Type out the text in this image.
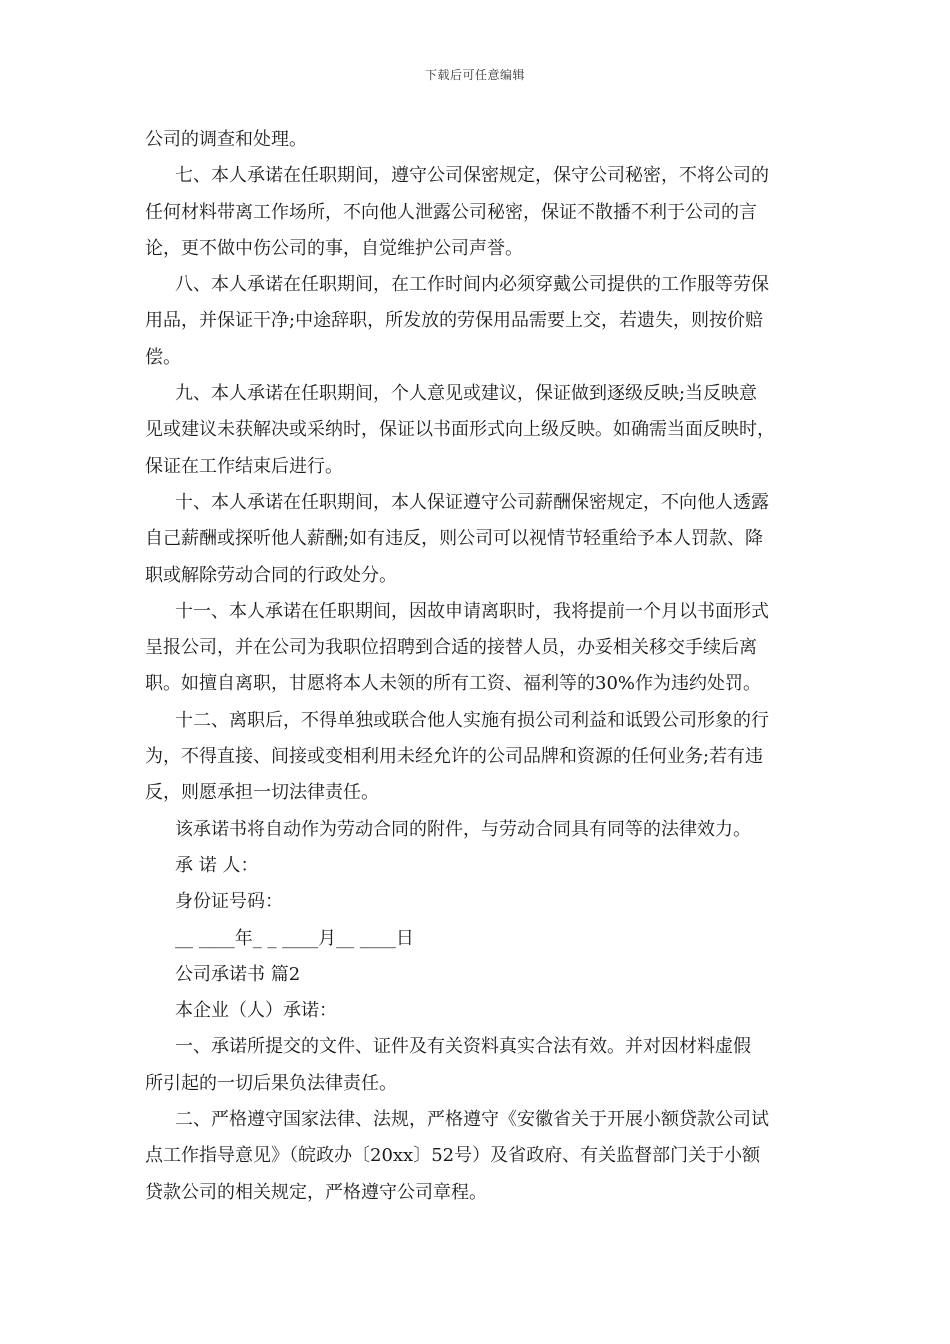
下载后可任意编辑

公司的调查和处理。

七、本人承诺在任职期间，遵守公司保密规定，保守公司秘密，不将公司的
任何材料带离工作场所，不向他人泄露公司秘密，保证不散播不利于公司的言
论，更不做中伤公司的事，自觉维护公司声誉。

八、本人承诺在任职期间，在工作时间内必须穿戴公司提供的工作服等劳保
用品，并保证干净;中途辞职，所发放的劳保用品需要上交，若遗失，则按价赔
偿。

九、本人承诺在任职期间，个人意见或建议，保证做到逐级反映;当反映意
见或建议未获解决或采纳时，保证以书面形式向上级反映。如确需当面反映时，
保证在工作结束后进行。

十、本人承诺在任职期间，本人保证遵守公司薪酬保密规定，不向他人透露
自己薪酬或探听他人薪酬;如有违反，则公司可以视情节轻重给予本人罚款、降
职或解除劳动合同的行政处分。

十一、本人承诺在任职期间，因故申请离职时，我将提前一个月以书面形式
呈报公司，并在公司为我职位招聘到合适的接替人员，办妥相关移交手续后离
职。如擅自离职，甘愿将本人未领的所有工资、福利等的30%作为违约处罚。

十二、离职后，不得单独或联合他人实施有损公司利益和诋毁公司形象的行
为，不得直接、间接或变相利用未经允许的公司品牌和资源的任何业务;若有违
反，则愿承担一切法律责任。

该承诺书将自动作为劳动合同的附件，与劳动合同具有同等的法律效力。

承 诺 人：

身份证号码：

__ ____年_ _ ____月__ ____日

公司承诺书 篇2

本企业（人）承诺：

一、承诺所提交的文件、证件及有关资料真实合法有效。并对因材料虚假
所引起的一切后果负法律责任。

二、严格遵守国家法律、法规，严格遵守《安徽省关于开展小额贷款公司试
点工作指导意见》（皖政办〔20xx〕52号）及省政府、有关监督部门关于小额
贷款公司的相关规定，严格遵守公司章程。
